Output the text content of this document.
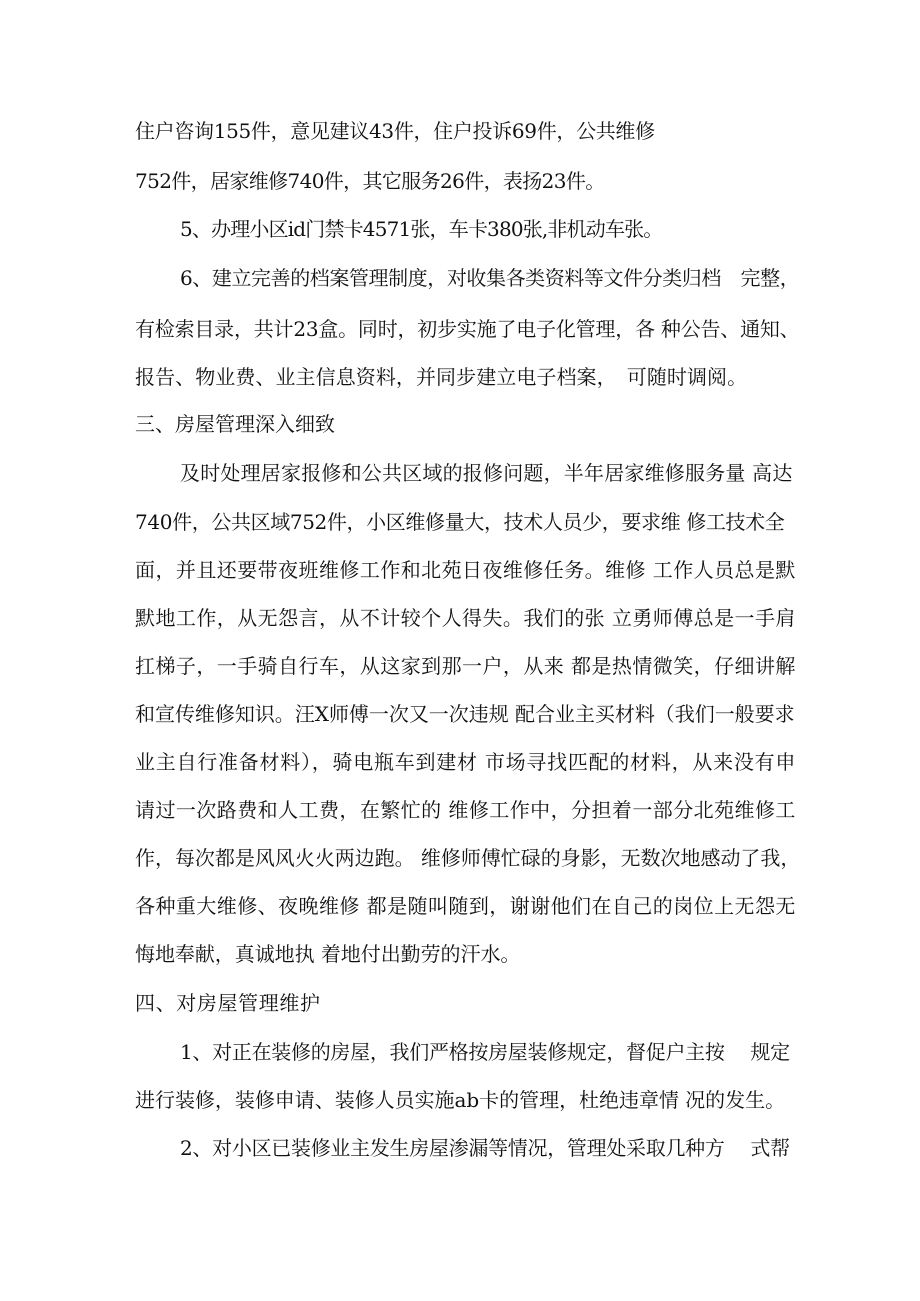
住户咨询155件，意见建议43件，住户投诉69件，公共维修
752件，居家维修740件，其它服务26件，表扬23件。
5、办理小区id门禁卡4571张，车卡380张,非机动车张。
6、建立完善的档案管理制度，对收集各类资料等文件分类归档　完整，
有检索目录，共计23盒。同时，初步实施了电子化管理，各 种公告、通知、
报告、物业费、业主信息资料，并同步建立电子档案，　可随时调阅。
三、房屋管理深入细致
及时处理居家报修和公共区域的报修问题，半年居家维修服务量 高达
740件，公共区域752件，小区维修量大，技术人员少，要求维 修工技术全
面，并且还要带夜班维修工作和北苑日夜维修任务。维修 工作人员总是默
默地工作，从无怨言，从不计较个人得失。我们的张 立勇师傅总是一手肩
扛梯子，一手骑自行车，从这家到那一户，从来 都是热情微笑，仔细讲解
和宣传维修知识。汪X师傅一次又一次违规 配合业主买材料（我们一般要求
业主自行准备材料），骑电瓶车到建材 市场寻找匹配的材料，从来没有申
请过一次路费和人工费，在繁忙的 维修工作中，分担着一部分北苑维修工
作，每次都是风风火火两边跑。 维修师傅忙碌的身影，无数次地感动了我，
各种重大维修、夜晚维修 都是随叫随到，谢谢他们在自己的岗位上无怨无
悔地奉献，真诚地执 着地付出勤劳的汗水。
四、对房屋管理维护
1、对正在装修的房屋，我们严格按房屋装修规定，督促户主按　 规定
进行装修，装修申请、装修人员实施ab卡的管理，杜绝违章情 况的发生。
2、对小区已装修业主发生房屋渗漏等情况，管理处采取几种方　 式帮
